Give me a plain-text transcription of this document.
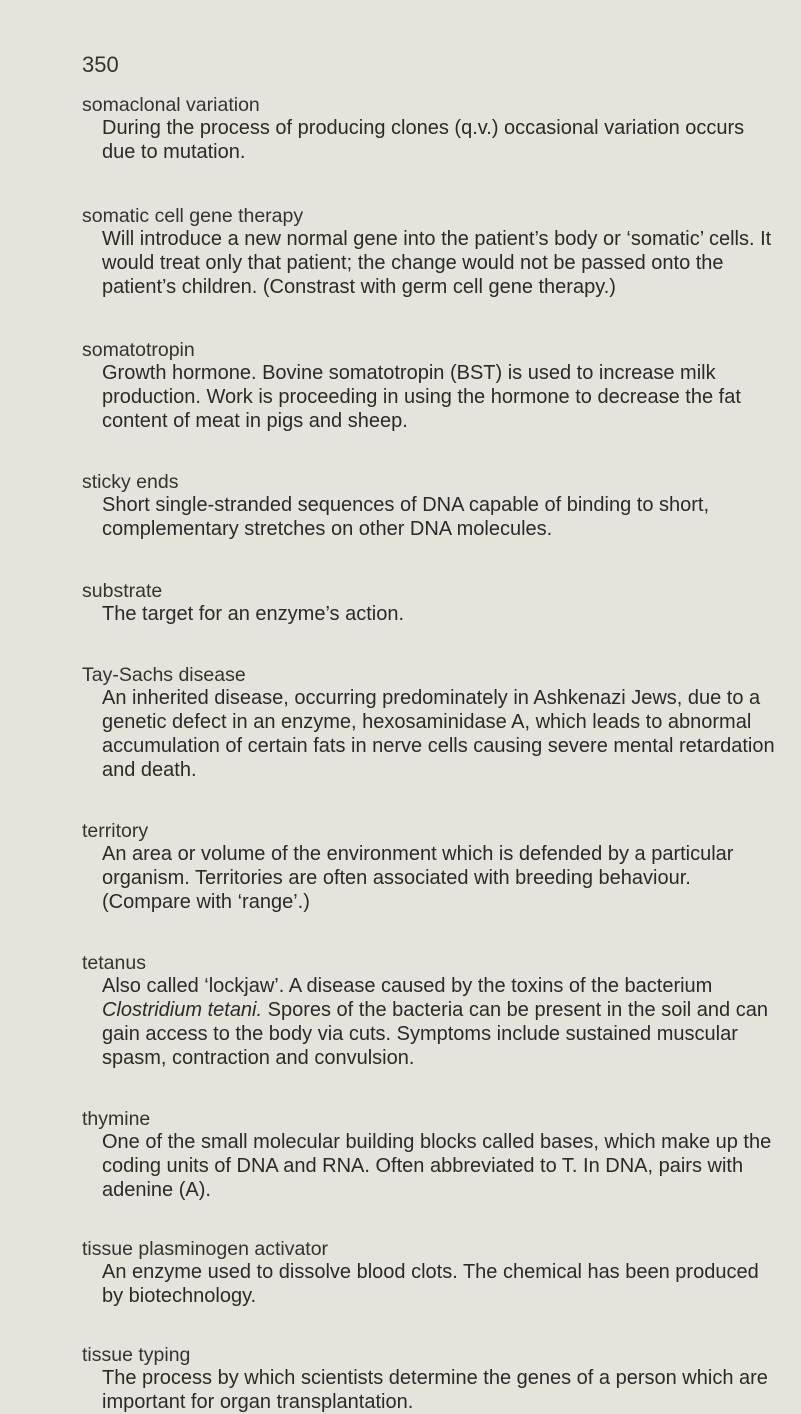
350

somaclonal variation

During the process of producing clones (q.v.) occasional variation occurs due to mutation.

somatic cell gene therapy

Will introduce a new normal gene into the patient’s body or ‘somatic’ cells. It would treat only that patient; the change would not be passed onto the patient’s children. (Constrast with germ cell gene therapy.)

somatotropin

Growth hormone. Bovine somatotropin (BST) is used to increase milk production. Work is proceeding in using the hormone to decrease the fat content of meat in pigs and sheep.

sticky ends

Short single-stranded sequences of DNA capable of binding to short, complementary stretches on other DNA molecules.

substrate

The target for an enzyme’s action.

Tay-Sachs disease

An inherited disease, occurring predominately in Ashkenazi Jews, due to a genetic defect in an enzyme, hexosaminidase A, which leads to abnormal accumulation of certain fats in nerve cells causing severe mental retardation and death.

territory

An area or volume of the environment which is defended by a particular organism. Territories are often associated with breeding behaviour. (Compare with ‘range’.)

tetanus

Also called ‘lockjaw’. A disease caused by the toxins of the bacterium Clostridium tetani. Spores of the bacteria can be present in the soil and can gain access to the body via cuts. Symptoms include sustained muscular spasm, contraction and convulsion.

thymine

One of the small molecular building blocks called bases, which make up the coding units of DNA and RNA. Often abbreviated to T. In DNA, pairs with adenine (A).

tissue plasminogen activator

An enzyme used to dissolve blood clots. The chemical has been produced by biotechnology.

tissue typing

The process by which scientists determine the genes of a person which are important for organ transplantation.
